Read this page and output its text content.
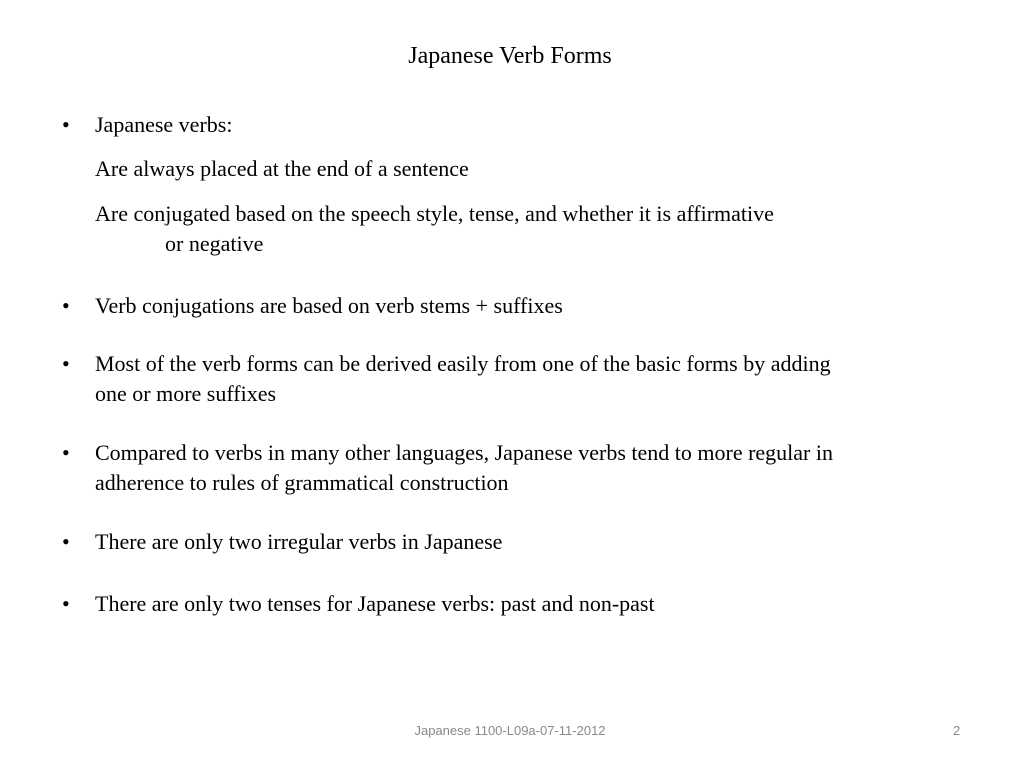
Japanese Verb Forms
• Japanese verbs:
Are always placed at the end of a sentence
Are conjugated based on the speech style, tense, and whether it is affirmative
or negative
• Verb conjugations are based on verb stems + suffixes
• Most of the verb forms can be derived easily from one of the basic forms by adding
one or more suffixes
• Compared to verbs in many other languages, Japanese verbs tend to more regular in
adherence to rules of grammatical construction
• There are only two irregular verbs in Japanese
• There are only two tenses for Japanese verbs: past and non-past
Japanese 1100-L09a-07-11-2012	2
